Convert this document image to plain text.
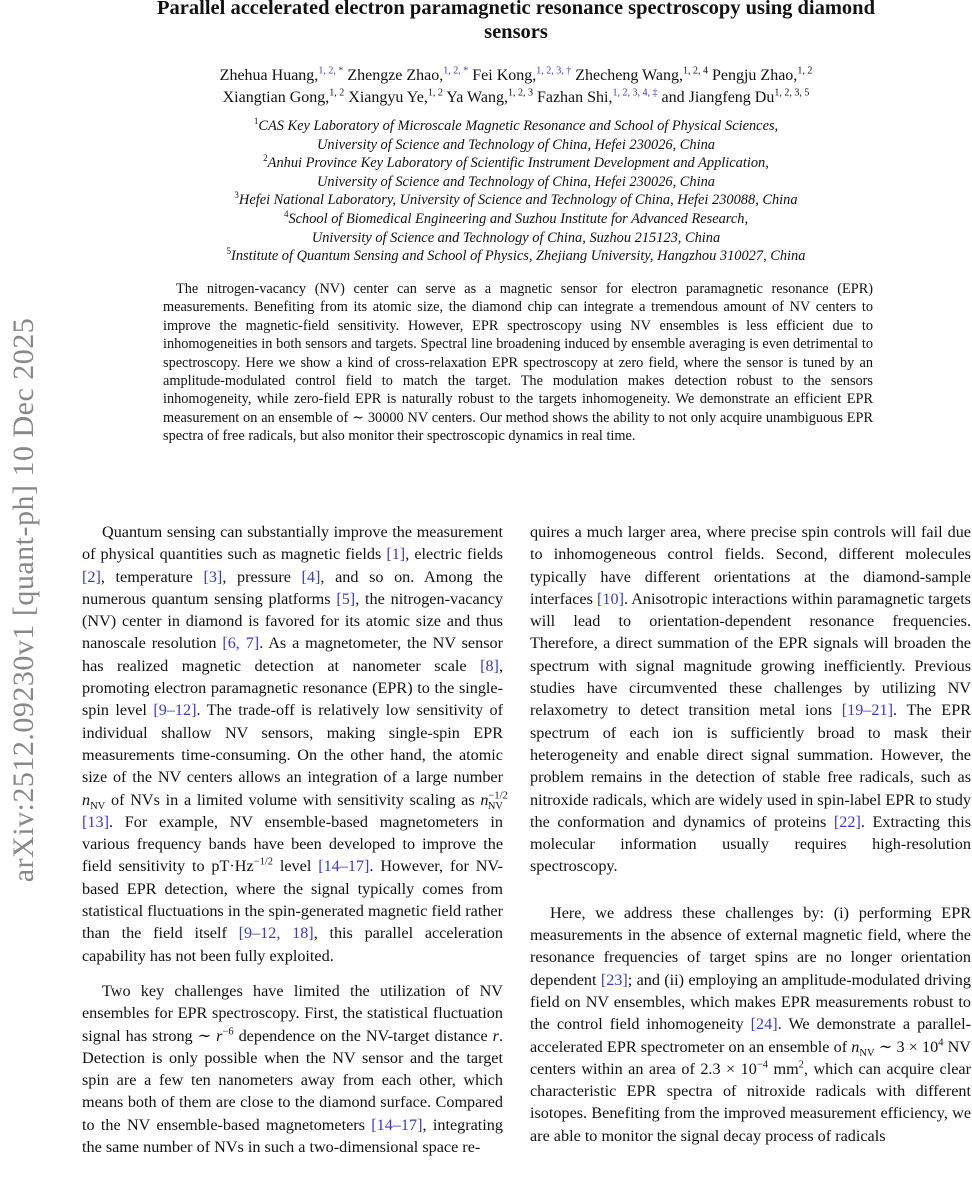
arXiv:2512.09230v1 [quant-ph] 10 Dec 2025
Parallel accelerated electron paramagnetic resonance spectroscopy using diamond
sensors
Zhehua Huang,$^{1, 2, *}$ Zhengze Zhao,$^{1, 2, *}$ Fei Kong,$^{1, 2, 3, \dagger}$ Zhecheng Wang,$^{1, 2, 4}$ Pengju Zhao,$^{1, 2}$
Xiangtian Gong,$^{1, 2}$ Xiangyu Ye,$^{1, 2}$ Ya Wang,$^{1, 2, 3}$ Fazhan Shi,$^{1, 2, 3, 4, \ddagger}$ and Jiangfeng Du$^{1, 2, 3, 5}$
$^1$CAS Key Laboratory of Microscale Magnetic Resonance and School of Physical Sciences,
University of Science and Technology of China, Hefei 230026, China
$^2$Anhui Province Key Laboratory of Scientific Instrument Development and Application,
University of Science and Technology of China, Hefei 230026, China
$^3$Hefei National Laboratory, University of Science and Technology of China, Hefei 230088, China
$^4$School of Biomedical Engineering and Suzhou Institute for Advanced Research,
University of Science and Technology of China, Suzhou 215123, China
$^5$Institute of Quantum Sensing and School of Physics, Zhejiang University, Hangzhou 310027, China
The nitrogen-vacancy (NV) center can serve as a magnetic sensor for electron paramagnetic resonance (EPR) measurements. Benefiting from its atomic size, the diamond chip can integrate a tremendous amount of NV centers to improve the magnetic-field sensitivity. However, EPR spectroscopy using NV ensembles is less efficient due to inhomogeneities in both sensors and targets. Spectral line broadening induced by ensemble averaging is even detrimental to spectroscopy. Here we show a kind of cross-relaxation EPR spectroscopy at zero field, where the sensor is tuned by an amplitude-modulated control field to match the target. The modulation makes detection robust to the sensors inhomogeneity, while zero-field EPR is naturally robust to the targets inhomogeneity. We demonstrate an efficient EPR measurement on an ensemble of ∼ 30000 NV centers. Our method shows the ability to not only acquire unambiguous EPR spectra of free radicals, but also monitor their spectroscopic dynamics in real time.

Quantum sensing can substantially improve the measurement of physical quantities such as magnetic fields [1], electric fields [2], temperature [3], pressure [4], and so on. Among the numerous quantum sensing platforms [5], the nitrogen-vacancy (NV) center in diamond is favored for its atomic size and thus nanoscale resolution [6, 7]. As a magnetometer, the NV sensor has realized magnetic detection at nanometer scale [8], promoting electron paramagnetic resonance (EPR) to the single-spin level [9–12]. The trade-off is relatively low sensitivity of individual shallow NV sensors, making single-spin EPR measurements time-consuming. On the other hand, the atomic size of the NV centers allows an integration of a large number $n_{NV}$ of NVs in a limited volume with sensitivity scaling as $n^{-1/2}_{NV}$ [13]. For example, NV ensemble-based magnetometers in various frequency bands have been developed to improve the field sensitivity to $pT\cdot Hz^{-1/2}$ level [14–17]. However, for NV-based EPR detection, where the signal typically comes from statistical fluctuations in the spin-generated magnetic field rather than the field itself [9–12, 18], this parallel acceleration capability has not been fully exploited.

Two key challenges have limited the utilization of NV ensembles for EPR spectroscopy. First, the statistical fluctuation signal has strong ∼ $r^{-6}$ dependence on the NV-target distance r. Detection is only possible when the NV sensor and the target spin are a few ten nanometers away from each other, which means both of them are close to the diamond surface. Compared to the NV ensemble-based magnetometers [14–17], integrating the same number of NVs in such a two-dimensional space re-

quires a much larger area, where precise spin controls will fail due to inhomogeneous control fields. Second, different molecules typically have different orientations at the diamond-sample interfaces [10]. Anisotropic interactions within paramagnetic targets will lead to orientation-dependent resonance frequencies. Therefore, a direct summation of the EPR signals will broaden the spectrum with signal magnitude growing inefficiently. Previous studies have circumvented these challenges by utilizing NV relaxometry to detect transition metal ions [19–21]. The EPR spectrum of each ion is sufficiently broad to mask their heterogeneity and enable direct signal summation. However, the problem remains in the detection of stable free radicals, such as nitroxide radicals, which are widely used in spin-label EPR to study the conformation and dynamics of proteins [22]. Extracting this molecular information usually requires high-resolution spectroscopy.

Here, we address these challenges by: (i) performing EPR measurements in the absence of external magnetic field, where the resonance frequencies of target spins are no longer orientation dependent [23]; and (ii) employing an amplitude-modulated driving field on NV ensembles, which makes EPR measurements robust to the control field inhomogeneity [24]. We demonstrate a parallel-accelerated EPR spectrometer on an ensemble of $n_{NV}$ ∼ $3 \times 10^4$ NV centers within an area of $2.3 \times 10^{-4}$ $mm^2$, which can acquire clear characteristic EPR spectra of nitroxide radicals with different isotopes. Benefiting from the improved measurement efficiency, we are able to monitor the signal decay process of radicals
